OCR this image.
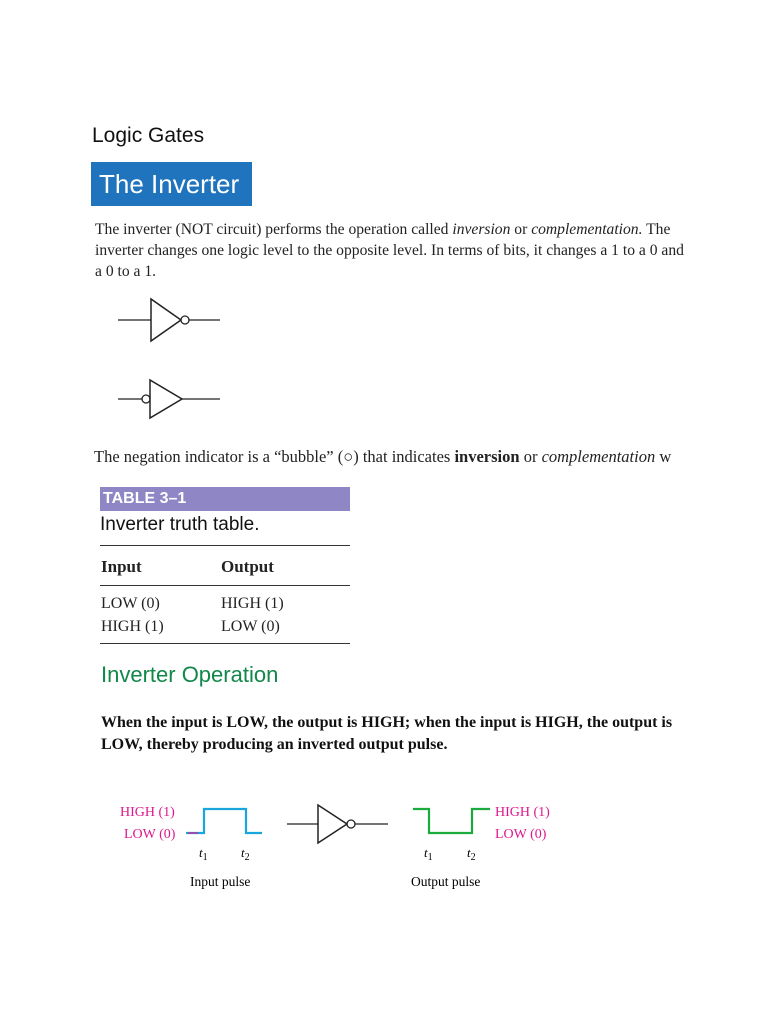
Logic Gates
The Inverter
The inverter (NOT circuit) performs the operation called inversion or complementation. The inverter changes one logic level to the opposite level. In terms of bits, it changes a 1 to a 0 and a 0 to a 1.
The negation indicator is a “bubble” (○) that indicates inversion or complementation w
TABLE 3–1
Inverter truth table.
Input	Output
LOW (0)	HIGH (1)
HIGH (1)	LOW (0)
Inverter Operation
When the input is LOW, the output is HIGH; when the input is HIGH, the output is LOW, thereby producing an inverted output pulse.
HIGH (1)
LOW (0)
$t_1$	$t_2$
Input pulse
$t_1$	$t_2$
Output pulse
HIGH (1)
LOW (0)
